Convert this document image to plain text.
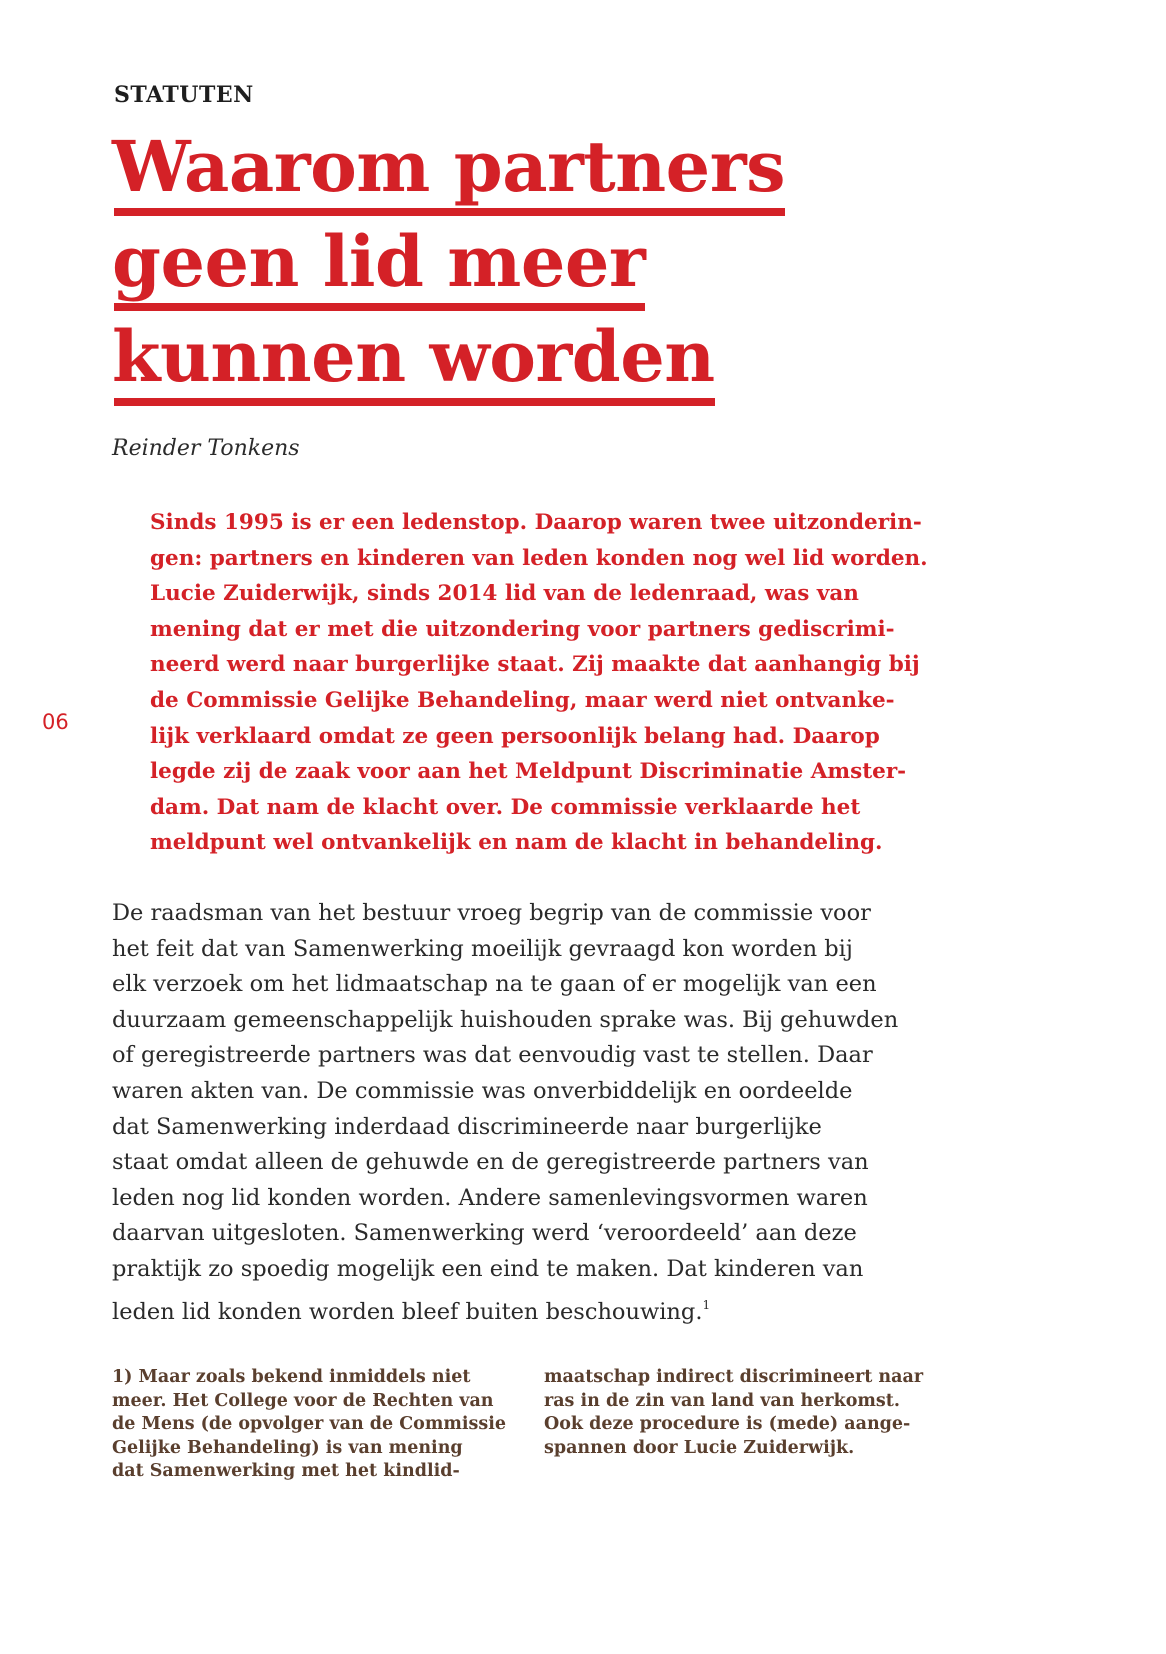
STATUTEN
Waarom partners
geen lid meer
kunnen worden
Reinder Tonkens
06
Sinds 1995 is er een ledenstop. Daarop waren twee uitzonderin-
gen: partners en kinderen van leden konden nog wel lid worden.
Lucie Zuiderwijk, sinds 2014 lid van de ledenraad, was van
mening dat er met die uitzondering voor partners gediscrimi-
neerd werd naar burgerlijke staat. Zij maakte dat aanhangig bij
de Commissie Gelijke Behandeling, maar werd niet ontvanke-
lijk verklaard omdat ze geen persoonlijk belang had. Daarop
legde zij de zaak voor aan het Meldpunt Discriminatie Amster-
dam. Dat nam de klacht over. De commissie verklaarde het
meldpunt wel ontvankelijk en nam de klacht in behandeling.
De raadsman van het bestuur vroeg begrip van de commissie voor
het feit dat van Samenwerking moeilijk gevraagd kon worden bij
elk verzoek om het lidmaatschap na te gaan of er mogelijk van een
duurzaam gemeenschappelijk huishouden sprake was. Bij gehuwden
of geregistreerde partners was dat eenvoudig vast te stellen. Daar
waren akten van. De commissie was onverbiddelijk en oordeelde
dat Samenwerking inderdaad discrimineerde naar burgerlijke
staat omdat alleen de gehuwde en de geregistreerde partners van
leden nog lid konden worden. Andere samenlevingsvormen waren
daarvan uitgesloten. Samenwerking werd ‘veroordeeld’ aan deze
praktijk zo spoedig mogelijk een eind te maken. Dat kinderen van
leden lid konden worden bleef buiten beschouwing.$^1$
1) Maar zoals bekend inmiddels niet
meer. Het College voor de Rechten van
de Mens (de opvolger van de Commissie
Gelijke Behandeling) is van mening
dat Samenwerking met het kindlid-
maatschap indirect discrimineert naar
ras in de zin van land van herkomst.
Ook deze procedure is (mede) aange-
spannen door Lucie Zuiderwijk.
